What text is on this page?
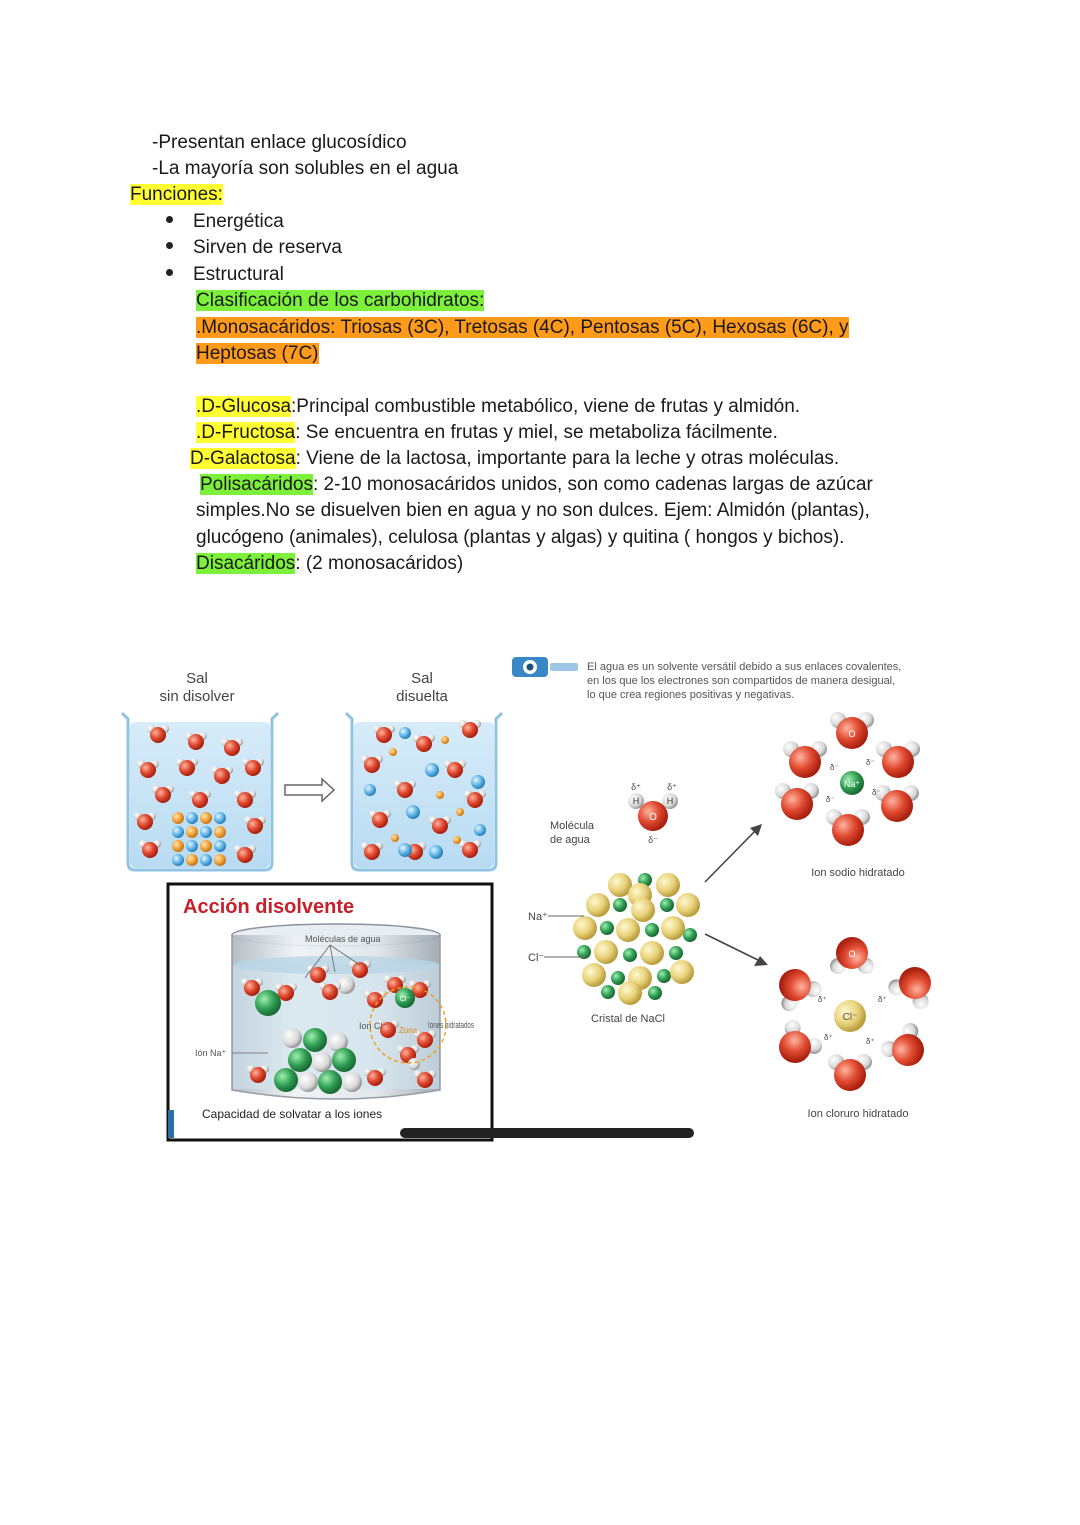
-Presentan enlace glucosídico
-La mayoría son solubles en el agua
Funciones:
Energética
Sirven de reserva
Estructural
Clasificación de los carbohidratos:
.Monosacáridos: Triosas (3C), Tretosas (4C), Pentosas (5C), Hexosas (6C), y
Heptosas (7C)
.D-Glucosa:Principal combustible metabólico, viene de frutas y almidón.
.D-Fructosa: Se encuentra en frutas y miel, se metaboliza fácilmente.
D-Galactosa: Viene de la lactosa, importante para la leche y otras moléculas.
Polisacáridos: 2-10 monosacáridos unidos, son como cadenas largas de azúcar
simples.No se disuelven bien en agua y no son dulces. Ejem: Almidón (plantas),
glucógeno (animales), celulosa (plantas y algas) y quitina ( hongos y bichos).
Disacáridos: (2 monosacáridos)
Sal
sin disolver
Sal
disuelta
El agua es un solvente versátil debido a sus enlaces covalentes,
en los que los electrones son compartidos de manera desigual,
lo que crea regiones positivas y negativas.
H	H
O
δ⁺	δ⁺
δ⁻
Molécula
de agua
Na⁺
Cl⁻
Cristal de NaCl
Na⁺
O
δ⁻
δ⁻
δ⁻
δ⁻
Ion sodio hidratado
Cl⁻
O
δ⁺	δ⁺
δ⁺	δ⁺
Ion cloruro hidratado
Cl⁻
Moléculas de agua
Ion Cl⁻ Zona
Iones hidratados
Ión Na⁺
Capacidad de solvatar a los iones
Acción disolvente
